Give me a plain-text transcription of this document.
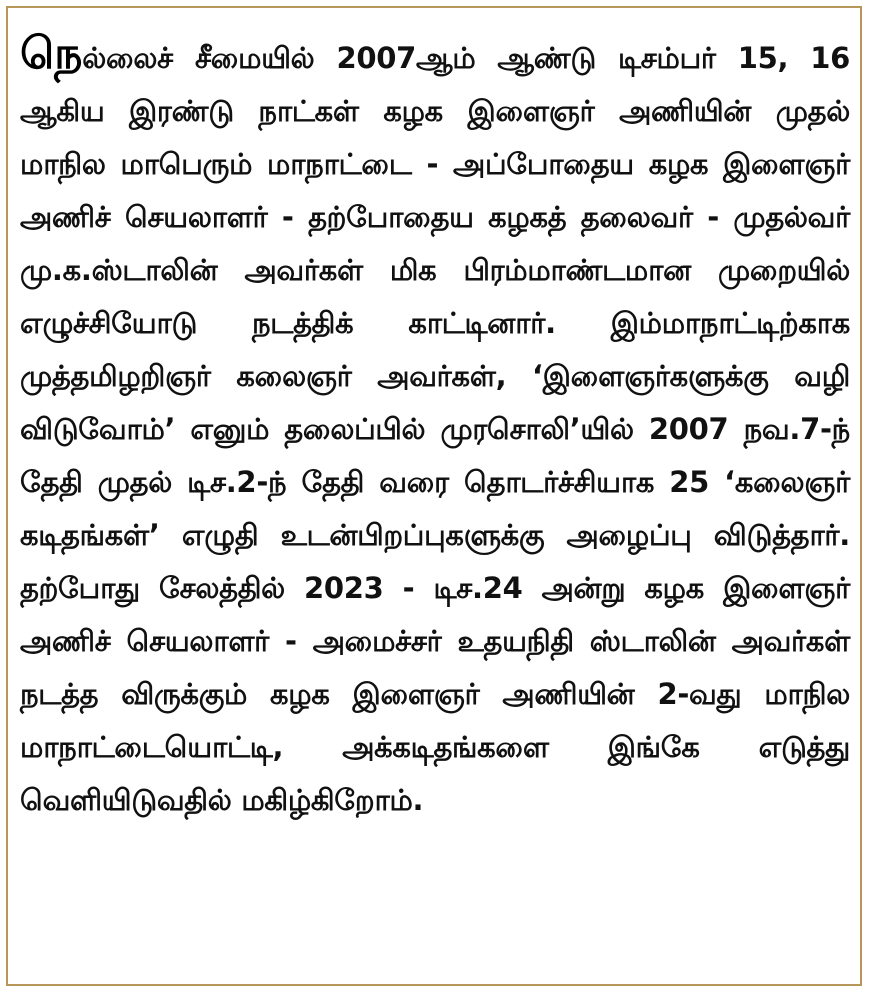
நெல்லைச் சீமையில் 2007ஆம் ஆண்டு டிசம்பர் 15, 16 ஆகிய இரண்டு நாட்கள் கழக இளைஞர் அணியின் முதல் மாநில மாபெரும் மாநாட்டை - அப்போதைய கழக இளைஞர் அணிச் செயலாளர் - தற்போதைய கழகத் தலைவர் - முதல்வர் மு.க.ஸ்டாலின் அவர்கள் மிக பிரம்மாண்டமான முறையில் எழுச்சியோடு நடத்திக் காட்டினார். இம்மாநாட்டிற்காக முத்தமிழறிஞர் கலைஞர் அவர்கள், ‘இளைஞர்களுக்கு வழி விடுவோம்’ எனும் தலைப்பில் முரசொலி’யில் 2007 நவ.7-ந் தேதி முதல் டிச.2-ந் தேதி வரை தொடர்ச்சியாக 25 ‘கலைஞர் கடிதங்கள்’ எழுதி உடன்பிறப்புகளுக்கு அழைப்பு விடுத்தார். தற்போது சேலத்தில் 2023 - டிச.24 அன்று கழக இளைஞர் அணிச் செயலாளர் - அமைச்சர் உதயநிதி ஸ்டாலின் அவர்கள் நடத்த விருக்கும் கழக இளைஞர் அணியின் 2-வது மாநில மாநாட்டையொட்டி, அக்கடிதங்களை இங்கே எடுத்து வெளியிடுவதில் மகிழ்கிறோம்.
